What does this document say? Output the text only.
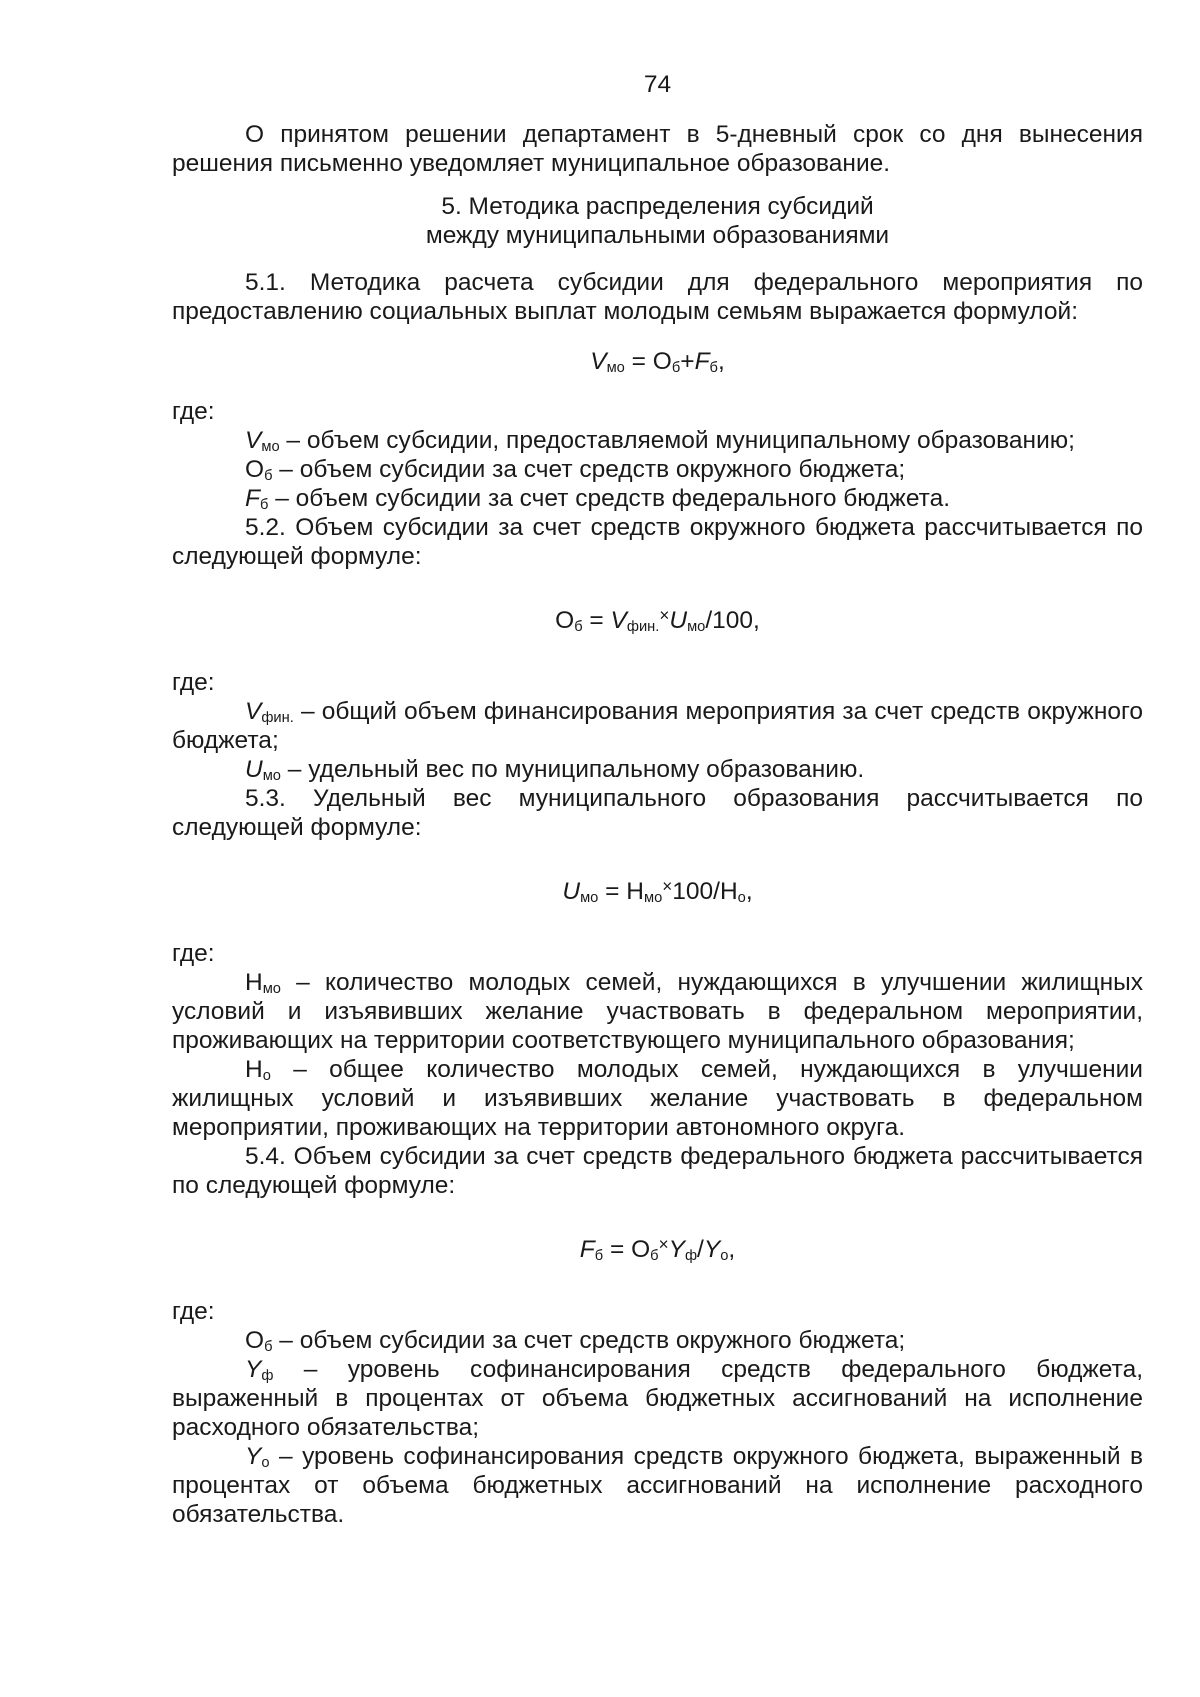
74

О принятом решении департамент в 5-дневный срок со дня вынесения решения письменно уведомляет муниципальное образование.

5. Методика распределения субсидий
между муниципальными образованиями

5.1. Методика расчета субсидии для федерального мероприятия по предоставлению социальных выплат молодым семьям выражается формулой:

$V_{мо} = O_б+F_б$,

где:

$V_{мо}$ – объем субсидии, предоставляемой муниципальному образованию;

$O_б$ – объем субсидии за счет средств окружного бюджета;

$F_б$ – объем субсидии за счет средств федерального бюджета.

5.2. Объем субсидии за счет средств окружного бюджета рассчитывается по следующей формуле:

$O_б = V_{фин.}^\times U_{мо}/100$,

где:

$V_{фин.}$ – общий объем финансирования мероприятия за счет средств окружного бюджета;

$U_{мо}$ – удельный вес по муниципальному образованию.

5.3. Удельный вес муниципального образования рассчитывается по следующей формуле:

$U_{мо} = H_{мо}^\times 100/H_о$,

где:

$H_{мо}$ – количество молодых семей, нуждающихся в улучшении жилищных условий и изъявивших желание участвовать в федеральном мероприятии, проживающих на территории соответствующего муниципального образования;

$H_о$ – общее количество молодых семей, нуждающихся в улучшении жилищных условий и изъявивших желание участвовать в федеральном мероприятии, проживающих на территории автономного округа.

5.4. Объем субсидии за счет средств федерального бюджета рассчитывается по следующей формуле:

$F_б = O_б^\times Y_ф/Y_о$,

где:

$O_б$ – объем субсидии за счет средств окружного бюджета;

$Y_ф$ – уровень софинансирования средств федерального бюджета, выраженный в процентах от объема бюджетных ассигнований на исполнение расходного обязательства;

$Y_о$ – уровень софинансирования средств окружного бюджета, выраженный в процентах от объема бюджетных ассигнований на исполнение расходного обязательства.
